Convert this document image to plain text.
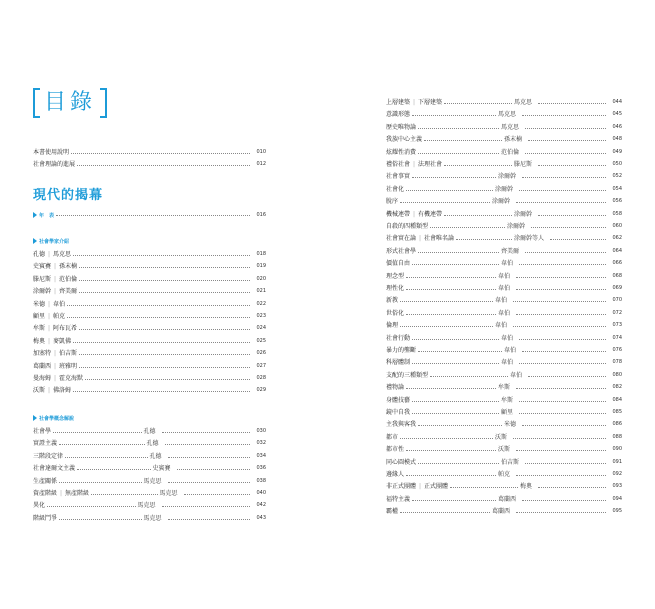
目錄
本書使用說明	010
社會理論的進展	012
現代的揭幕
年　表	016
社會學家介紹
孔德 | 馬克思	018
史賓賽 | 孫末楠	019
滕尼斯 | 范伯倫	020
涂爾幹 | 齊美爾	021
米德 | 韋伯	022
顧里 | 帕克	023
牟斯 | 阿布瓦希	024
梅奧 | 麥凱佛	025
加塞特 | 伯吉斯	026
葛蘭西 | 班雅明	027
曼海姆 | 霍克海默	028
沃斯 | 佛洛姆	029
社會學概念解說
社會學	孔德	030
實證主義	孔德	032
三階段定律	孔德	034
社會達爾文主義	史賓賽	036
生產關係	馬克思	038
資產階級 | 無產階級	馬克思	040
異化	馬克思	042
階級鬥爭	馬克思	043
上層建築 | 下層建築	馬克思	044
意識形態	馬克思	045
歷史唯物論	馬克思	046
我族中心主義	孫末楠	048
炫耀性消費	范伯倫	049
禮俗社會 | 法理社會	滕尼斯	050
社會事實	涂爾幹	052
社會化	涂爾幹	054
脫序	涂爾幹	056
機械連帶 | 有機連帶	涂爾幹	058
自殺的四種類型	涂爾幹	060
社會實在論 | 社會唯名論	涂爾幹等人	062
形式社會學	齊美爾	064
價值自由	韋伯	066
理念型	韋伯	068
理性化	韋伯	069
新教	韋伯	070
世俗化	韋伯	072
倫理	韋伯	073
社會行動	韋伯	074
暴力的壟斷	韋伯	076
科層體制	韋伯	078
支配的三種類型	韋伯	080
禮物論	牟斯	082
身體技藝	牟斯	084
鏡中自我	顧里	085
主我與客我	米德	086
都市	沃斯	088
都市性	沃斯	090
同心圓模式	伯吉斯	091
邊緣人	帕克	092
非正式團體 | 正式團體	梅奧	093
福特主義	葛蘭西	094
霸權	葛蘭西	095
